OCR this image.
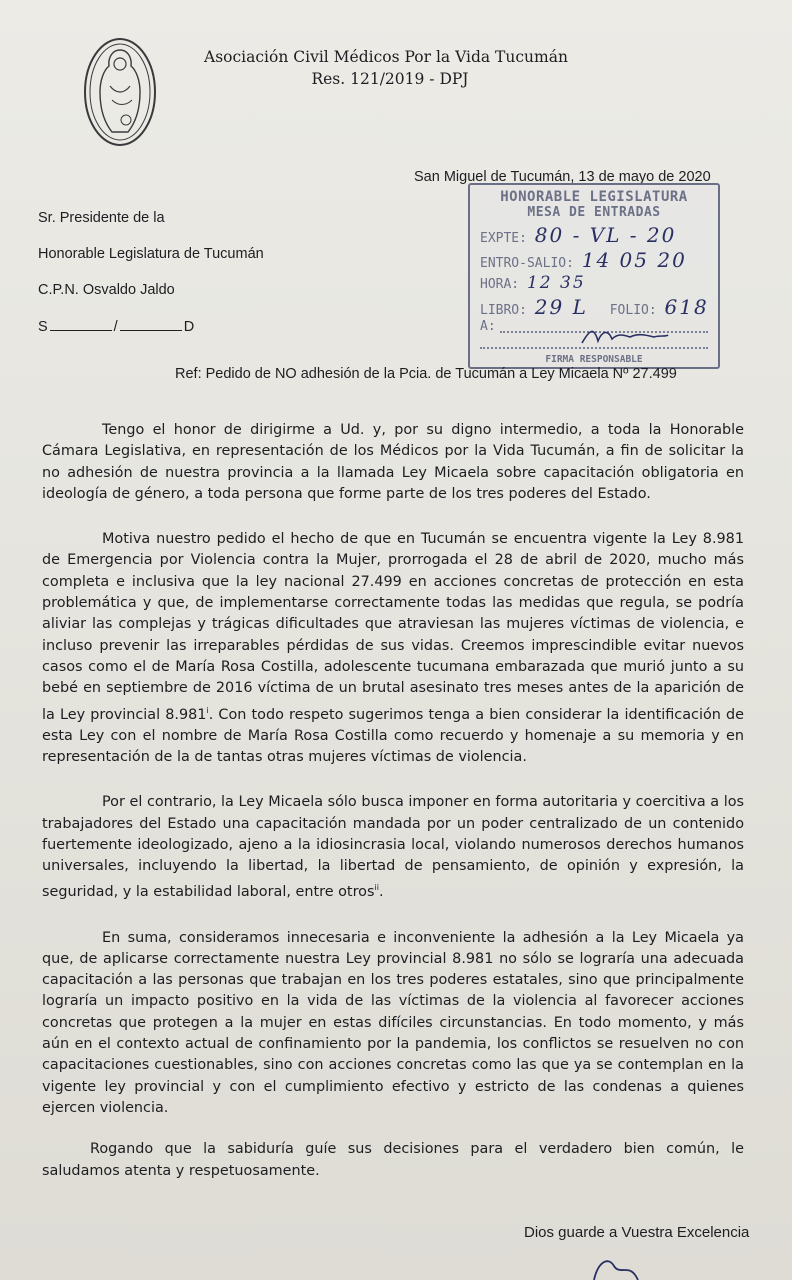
Asociación Civil Médicos Por la Vida Tucumán
Res. 121/2019 - DPJ
San Miguel de Tucumán, 13 de mayo de 2020
Sr. Presidente de la
Honorable Legislatura de Tucumán
C.P.N. Osvaldo Jaldo
S	/	D
HONORABLE LEGISLATURA
MESA DE ENTRADAS
EXPTE: 80 - VL - 20
ENTRO-SALIO: 14 05 20
HORA: 12 35
LIBRO: 29 L FOLIO: 618
A:
FIRMA RESPONSABLE
Ref: Pedido de NO adhesión de la Pcia. de Tucumán a Ley Micaela Nº 27.499

Tengo el honor de dirigirme a Ud. y, por su digno intermedio, a toda la Honorable Cámara Legislativa, en representación de los Médicos por la Vida Tucumán, a fin de solicitar la no adhesión de nuestra provincia a la llamada Ley Micaela sobre capacitación obligatoria en ideología de género, a toda persona que forme parte de los tres poderes del Estado.

Motiva nuestro pedido el hecho de que en Tucumán se encuentra vigente la Ley 8.981 de Emergencia por Violencia contra la Mujer, prorrogada el 28 de abril de 2020, mucho más completa e inclusiva que la ley nacional 27.499 en acciones concretas de protección en esta problemática y que, de implementarse correctamente todas las medidas que regula, se podría aliviar las complejas y trágicas dificultades que atraviesan las mujeres víctimas de violencia, e incluso prevenir las irreparables pérdidas de sus vidas. Creemos imprescindible evitar nuevos casos como el de María Rosa Costilla, adolescente tucumana embarazada que murió junto a su bebé en septiembre de 2016 víctima de un brutal asesinato tres meses antes de la aparición de la Ley provincial 8.981$^i$. Con todo respeto sugerimos tenga a bien considerar la identificación de esta Ley con el nombre de María Rosa Costilla como recuerdo y homenaje a su memoria y en representación de la de tantas otras mujeres víctimas de violencia.

Por el contrario, la Ley Micaela sólo busca imponer en forma autoritaria y coercitiva a los trabajadores del Estado una capacitación mandada por un poder centralizado de un contenido fuertemente ideologizado, ajeno a la idiosincrasia local, violando numerosos derechos humanos universales, incluyendo la libertad, la libertad de pensamiento, de opinión y expresión, la seguridad, y la estabilidad laboral, entre otros$^{ii}$.

En suma, consideramos innecesaria e inconveniente la adhesión a la Ley Micaela ya que, de aplicarse correctamente nuestra Ley provincial 8.981 no sólo se lograría una adecuada capacitación a las personas que trabajan en los tres poderes estatales, sino que principalmente lograría un impacto positivo en la vida de las víctimas de la violencia al favorecer acciones concretas que protegen a la mujer en estas difíciles circunstancias. En todo momento, y más aún en el contexto actual de confinamiento por la pandemia, los conflictos se resuelven no con capacitaciones cuestionables, sino con acciones concretas como las que ya se contemplan en la vigente ley provincial y con el cumplimiento efectivo y estricto de las condenas a quienes ejercen violencia.

Rogando que la sabiduría guíe sus decisiones para el verdadero bien común, le saludamos atenta y respetuosamente.

Dios guarde a Vuestra Excelencia
